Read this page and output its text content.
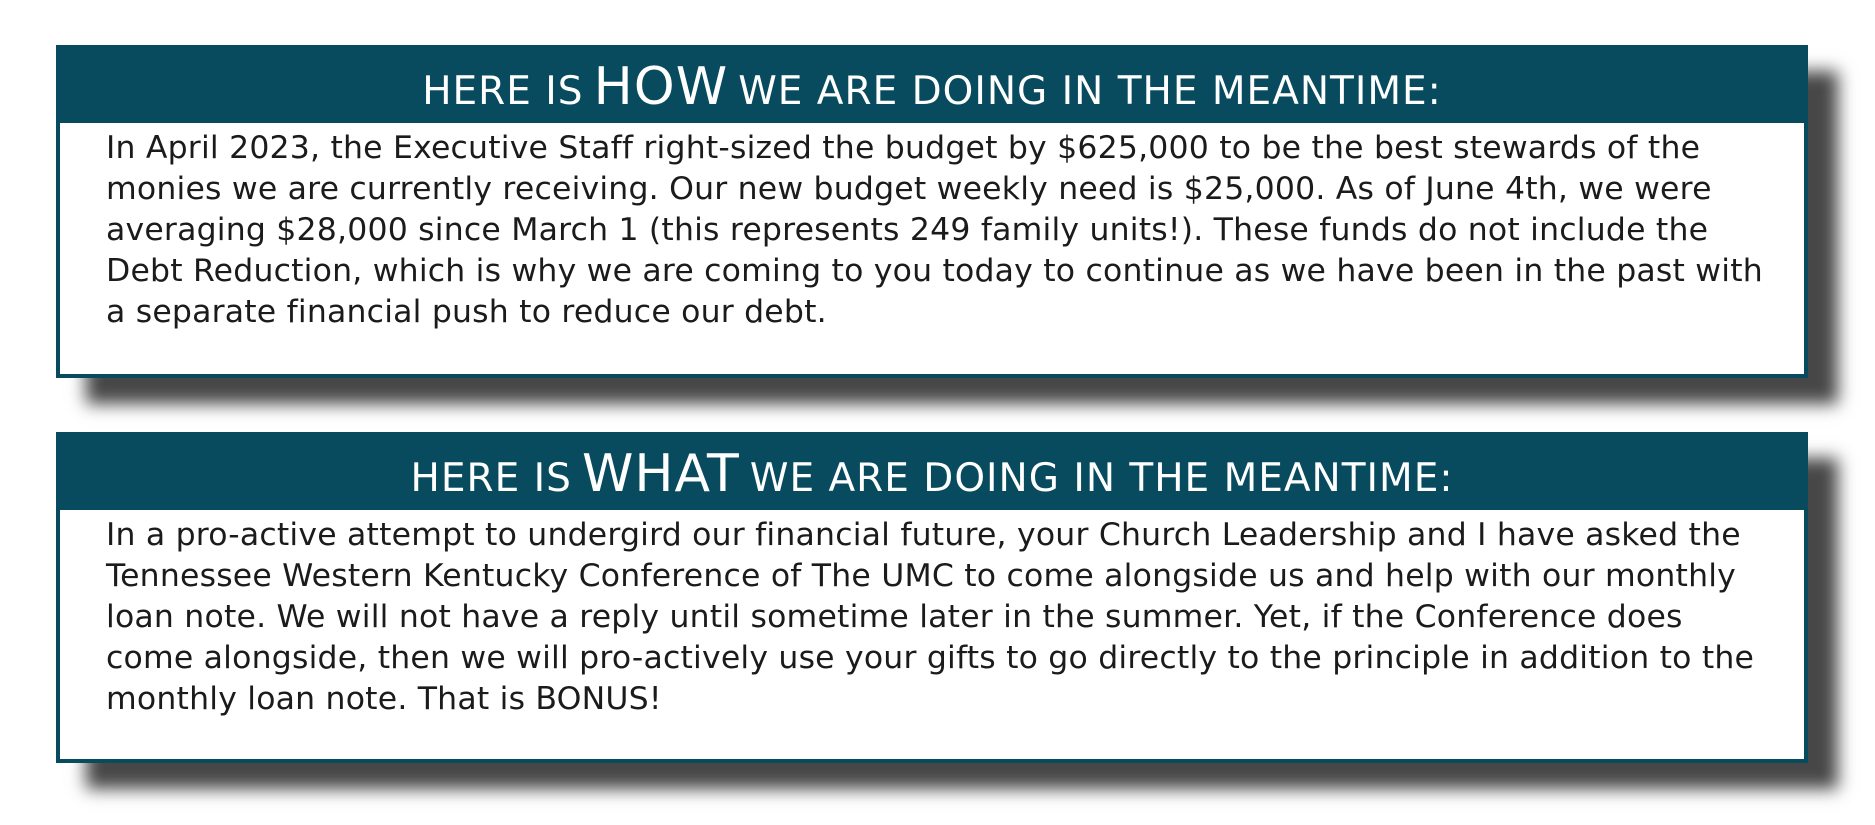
HERE IS HOW WE ARE DOING IN THE MEANTIME:

In April 2023, the Executive Staff right-sized the budget by $625,000 to be the best stewards of the monies we are currently receiving. Our new budget weekly need is $25,000. As of June 4th, we were averaging $28,000 since March 1 (this represents 249 family units!). These funds do not include the Debt Reduction, which is why we are coming to you today to continue as we have been in the past with a separate financial push to reduce our debt.

HERE IS WHAT WE ARE DOING IN THE MEANTIME:

In a pro-active attempt to undergird our financial future, your Church Leadership and I have asked the Tennessee Western Kentucky Conference of The UMC to come alongside us and help with our monthly loan note. We will not have a reply until sometime later in the summer. Yet, if the Conference does come alongside, then we will pro-actively use your gifts to go directly to the principle in addition to the monthly loan note. That is BONUS!
